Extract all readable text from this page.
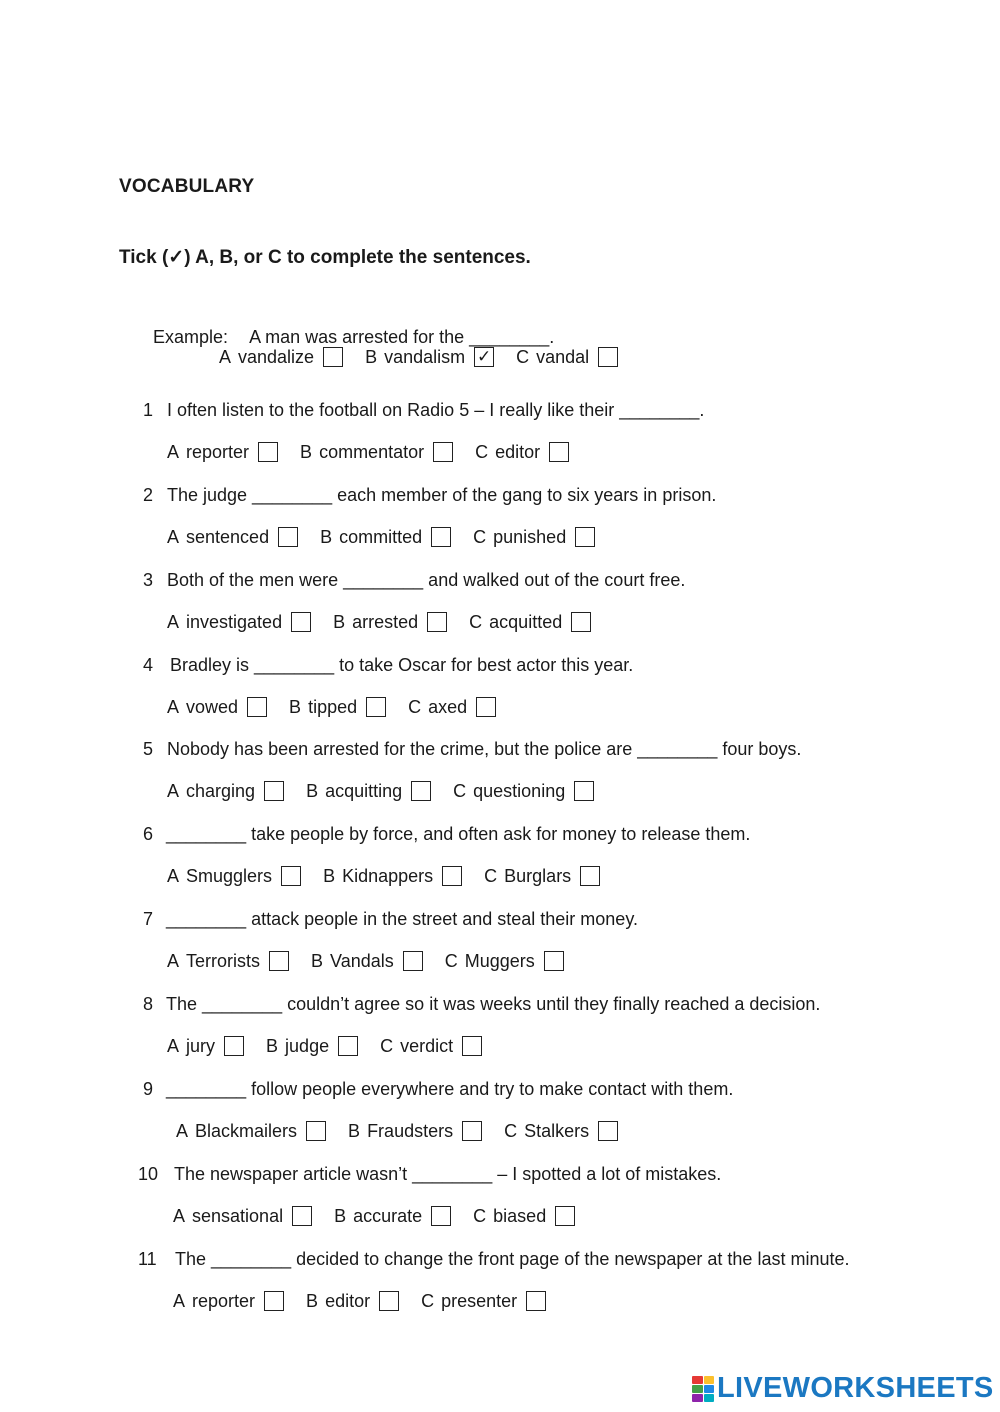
VOCABULARY
Tick (✓) A, B, or C to complete the sentences.

Example: A man was arrested for the ________.

A vandalize	B vandalism ✓ C vandal
1 I often listen to the football on Radio 5 – I really like their ________.
A reporter	B commentator	C editor
2 The judge ________ each member of the gang to six years in prison.
A sentenced	B committed	C punished
3 Both of the men were ________ and walked out of the court free.
A investigated	B arrested	C acquitted
4 Bradley is ________ to take Oscar for best actor this year.
A vowed	B tipped	C axed
5 Nobody has been arrested for the crime, but the police are ________ four boys.
A charging	B acquitting	C questioning
6 ________ take people by force, and often ask for money to release them.
A Smugglers	B Kidnappers	C Burglars
7 ________ attack people in the street and steal their money.
A Terrorists	B Vandals	C Muggers
8 The ________ couldn’t agree so it was weeks until they finally reached a decision.
A jury	B judge	C verdict
9 ________ follow people everywhere and try to make contact with them.
A Blackmailers	B Fraudsters	C Stalkers
10 The newspaper article wasn’t ________ – I spotted a lot of mistakes.
A sensational	B accurate	C biased
11 The ________ decided to change the front page of the newspaper at the last minute.
A reporter	B editor	C presenter
LIVEWORKSHEETS
